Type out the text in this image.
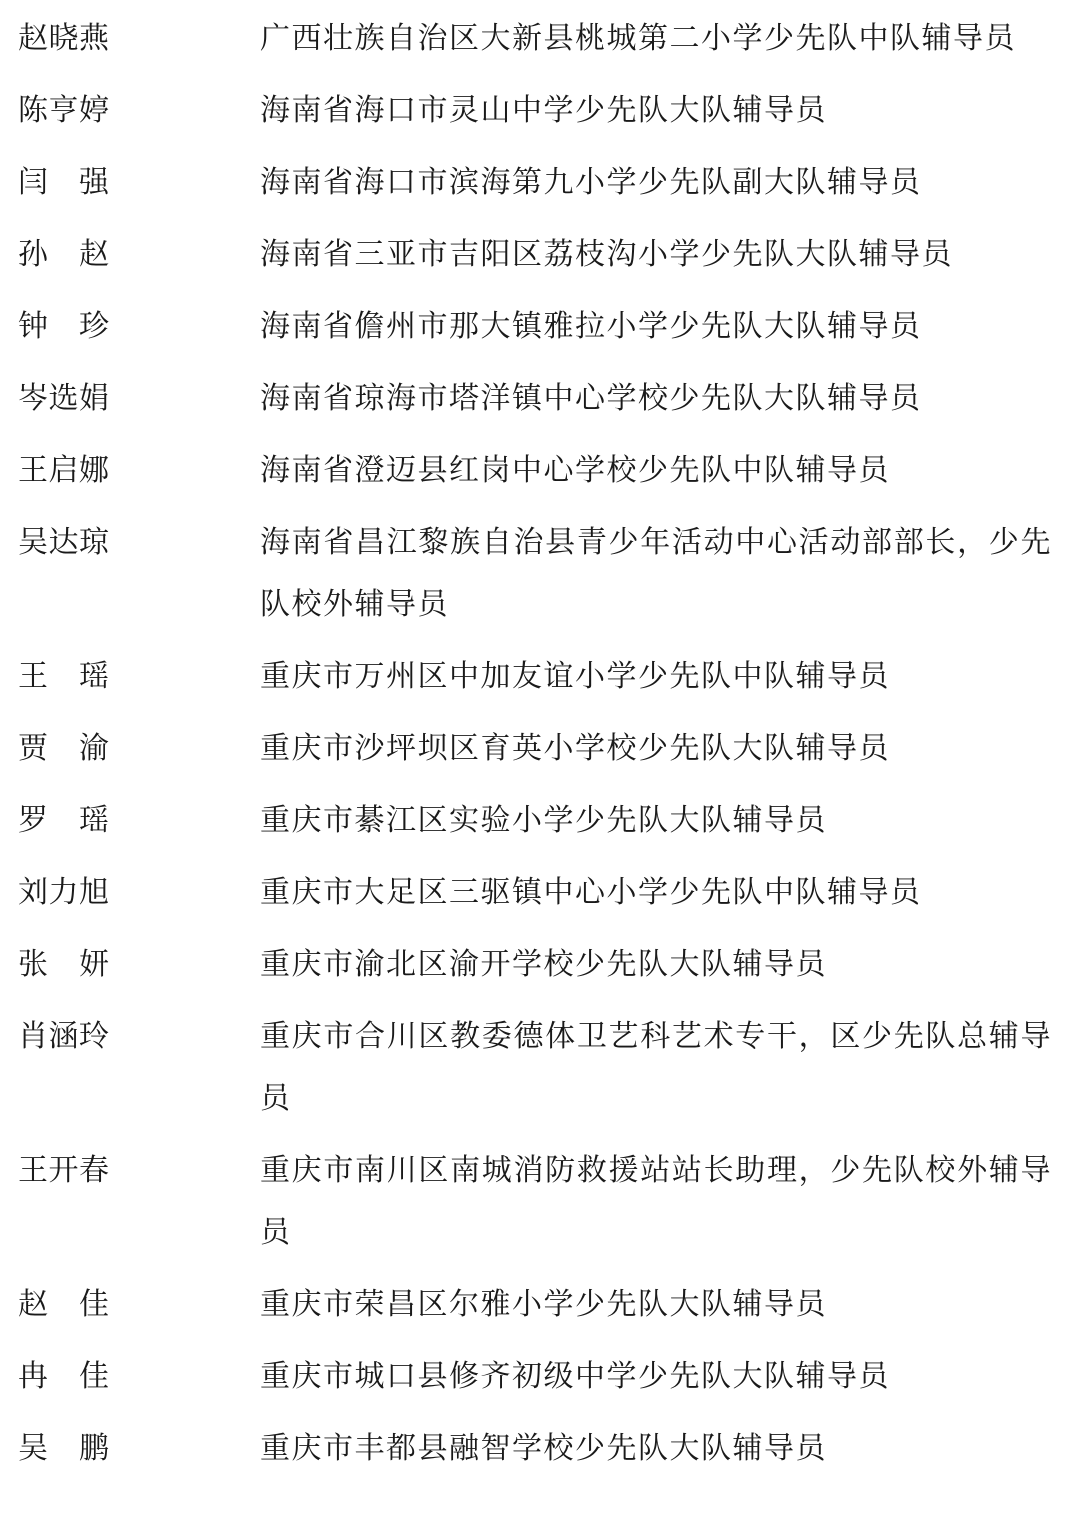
赵晓燕	广西壮族自治区大新县桃城第二小学少先队中队辅导员
陈亨婷	海南省海口市灵山中学少先队大队辅导员
闫　强	海南省海口市滨海第九小学少先队副大队辅导员
孙　赵	海南省三亚市吉阳区荔枝沟小学少先队大队辅导员
钟　珍	海南省儋州市那大镇雅拉小学少先队大队辅导员
岑选娟	海南省琼海市塔洋镇中心学校少先队大队辅导员
王启娜	海南省澄迈县红岗中心学校少先队中队辅导员
吴达琼	海南省昌江黎族自治县青少年活动中心活动部部长，少先队校外辅导员
王　瑶	重庆市万州区中加友谊小学少先队中队辅导员
贾　渝	重庆市沙坪坝区育英小学校少先队大队辅导员
罗　瑶	重庆市綦江区实验小学少先队大队辅导员
刘力旭	重庆市大足区三驱镇中心小学少先队中队辅导员
张　妍	重庆市渝北区渝开学校少先队大队辅导员
肖涵玲	重庆市合川区教委德体卫艺科艺术专干，区少先队总辅导员
王开春	重庆市南川区南城消防救援站站长助理，少先队校外辅导员
赵　佳	重庆市荣昌区尔雅小学少先队大队辅导员
冉　佳	重庆市城口县修齐初级中学少先队大队辅导员
吴　鹏	重庆市丰都县融智学校少先队大队辅导员
